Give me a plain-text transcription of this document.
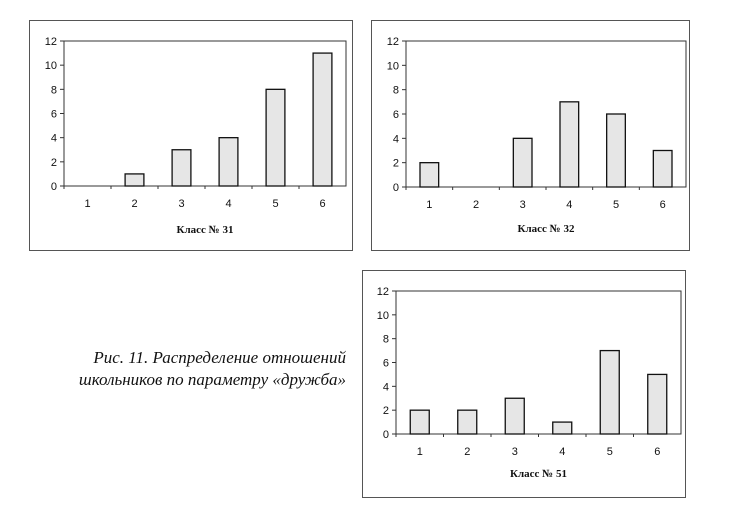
0
2
4
6
8
10
12
1	2	3	4	5	6
Класс № 31
0
2
4
6
8
10
12
1	2	3	4	5	6
Класс № 32
0
2
4
6
8
10
12
1	2	3	4	5	6
Класс № 51
Рис. 11. Распределение отношений
школьников по параметру «дружба»
